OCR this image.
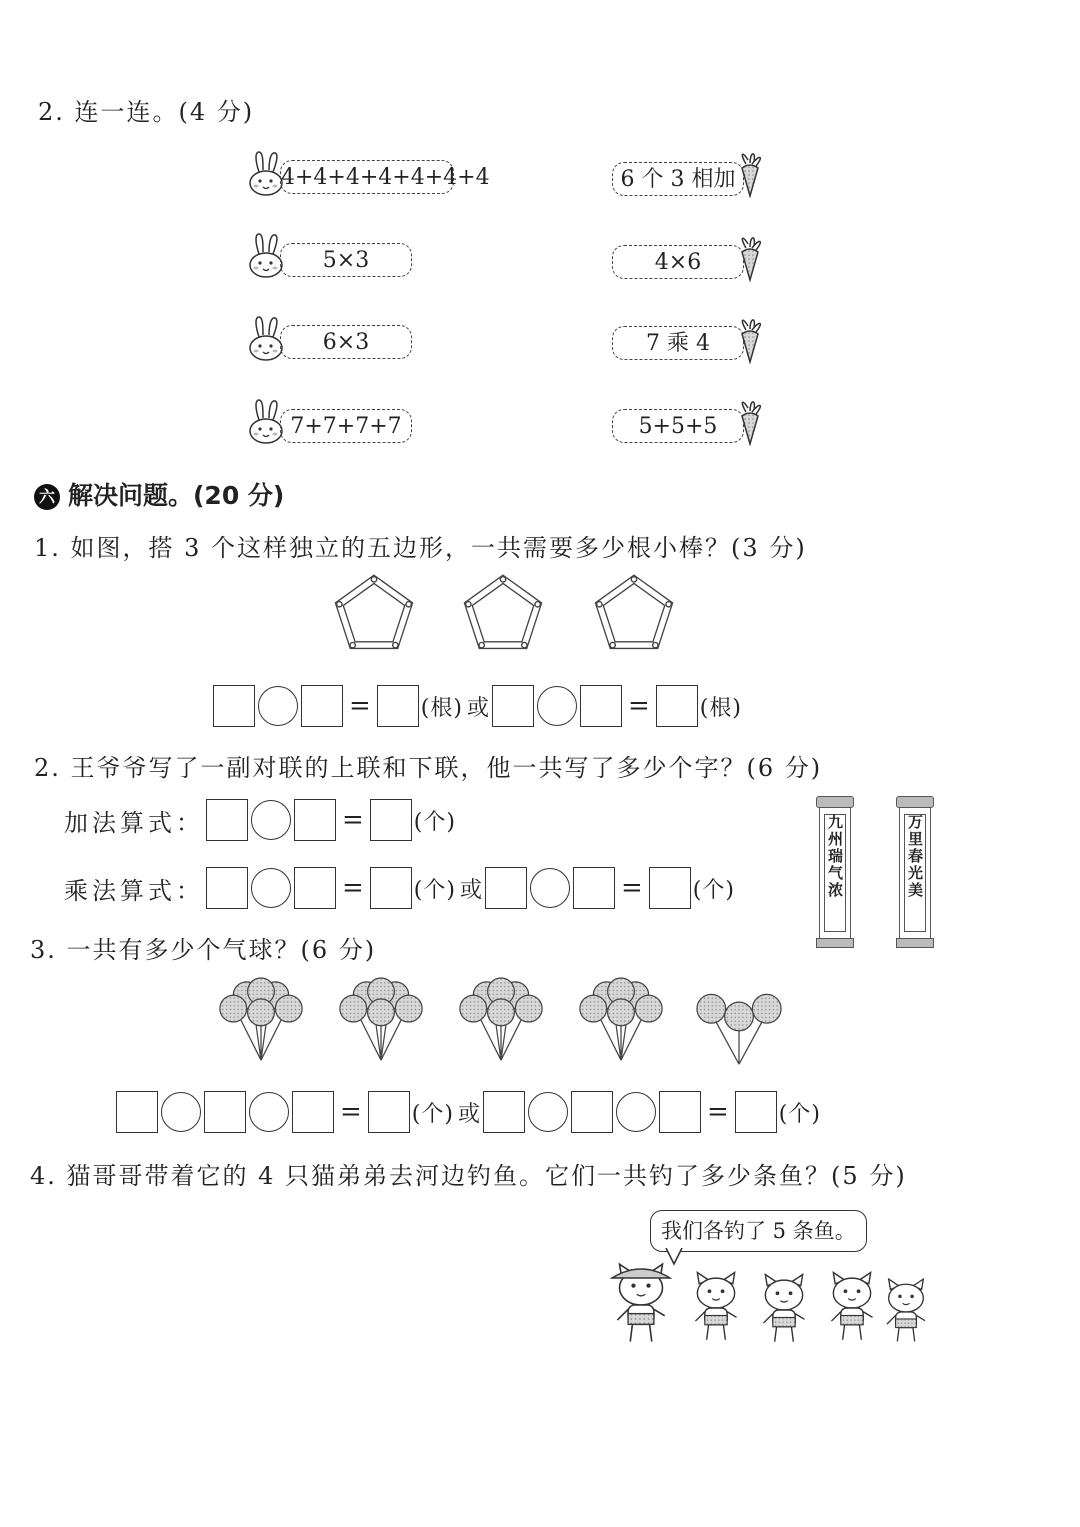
2. 连一连。(4 分)
4+4+4+4+4+4+4
5×3
6×3
7+7+7+7
6 个 3 相加
4×6
7 乘 4
5+5+5
六 解决问题。(20 分)
1. 如图，搭 3 个这样独立的五边形，一共需要多少根小棒？(3 分)
= (根) 或	= (根)
2. 王爷爷写了一副对联的上联和下联，他一共写了多少个字？(6 分)
加法算式：	= (个)
乘法算式：	= (个) 或	= (个)	九州瑞气浓	万里春光美
3. 一共有多少个气球？(6 分)
= (个) 或	= (个)
4. 猫哥哥带着它的 4 只猫弟弟去河边钓鱼。它们一共钓了多少条鱼？(5 分)
我们各钓了 5 条鱼。
